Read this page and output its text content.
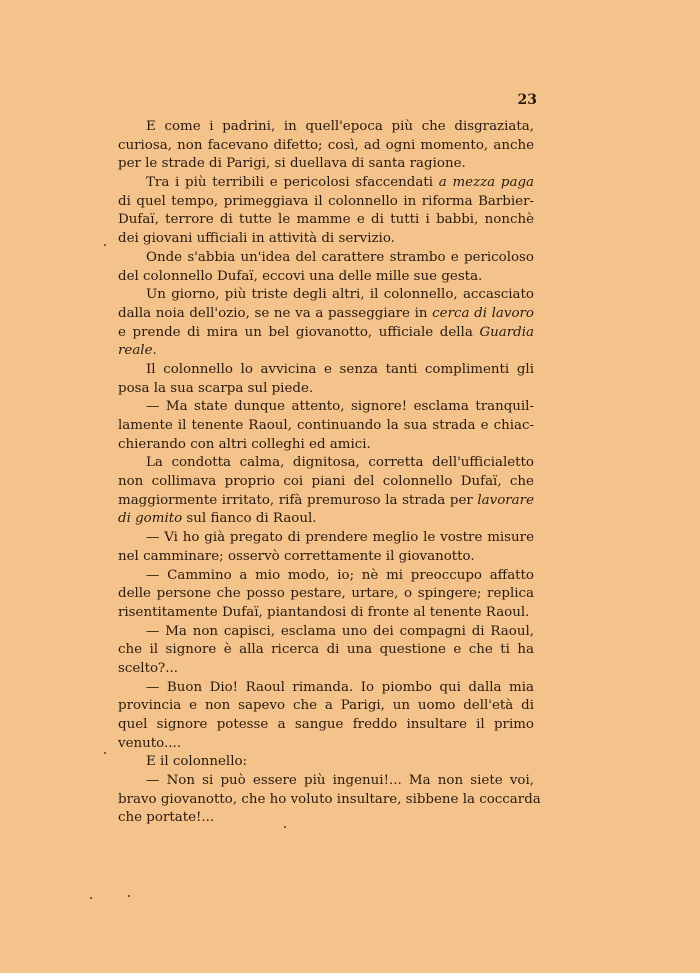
23
E come i padrini, in quell'epoca più che disgraziata,
curiosa, non facevano difetto; così, ad ogni momento, anche
per le strade di Parigi, si duellava di santa ragione.
Tra i più terribili e pericolosi sfaccendati a mezza paga
di quel tempo, primeggiava il colonnello in riforma Barbier-
Dufaï, terrore di tutte le mamme e di tutti i babbi, nonchè
dei giovani ufficiali in attività di servizio.
Onde s'abbia un'idea del carattere strambo e pericoloso
del colonnello Dufaï, eccovi una delle mille sue gesta.
Un giorno, più triste degli altri, il colonnello, accasciato
dalla noia dell'ozio, se ne va a passeggiare in cerca di lavoro
e prende di mira un bel giovanotto, ufficiale della Guardia
reale.
Il colonnello lo avvicina e senza tanti complimenti gli
posa la sua scarpa sul piede.
— Ma state dunque attento, signore! esclama tranquil-
lamente il tenente Raoul, continuando la sua strada e chiac-
chierando con altri colleghi ed amici.
La condotta calma, dignitosa, corretta dell'ufficialetto
non collimava proprio coi piani del colonnello Dufaï, che
maggiormente irritato, rifà premuroso la strada per lavorare
di gomito sul fianco di Raoul.
— Vi ho già pregato di prendere meglio le vostre misure
nel camminare; osservò correttamente il giovanotto.
— Cammino a mio modo, io; nè mi preoccupo affatto
delle persone che posso pestare, urtare, o spingere; replica
risentitamente Dufaï, piantandosi di fronte al tenente Raoul.
— Ma non capisci, esclama uno dei compagni di Raoul,
che il signore è alla ricerca di una questione e che ti ha
scelto?...
— Buon Dio! Raoul rimanda. Io piombo qui dalla mia
provincia e non sapevo che a Parigi, un uomo dell'età di
quel signore potesse a sangue freddo insultare il primo
venuto....
E il colonnello:
— Non si può essere più ingenui!... Ma non siete voi,
bravo giovanotto, che ho voluto insultare, sibbene la coccarda
che portate!...
